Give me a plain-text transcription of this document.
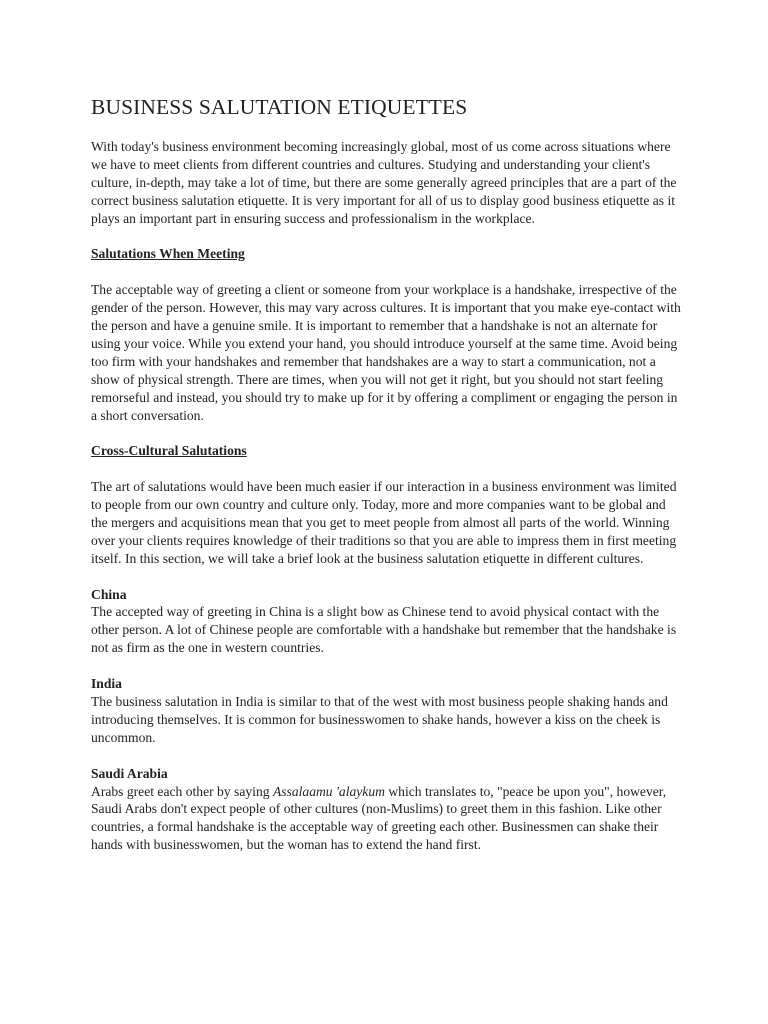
BUSINESS SALUTATION ETIQUETTES

With today's business environment becoming increasingly global, most of us come across situations where we have to meet clients from different countries and cultures. Studying and understanding your client's culture, in-depth, may take a lot of time, but there are some generally agreed principles that are a part of the correct business salutation etiquette. It is very important for all of us to display good business etiquette as it plays an important part in ensuring success and professionalism in the workplace.

Salutations When Meeting

The acceptable way of greeting a client or someone from your workplace is a handshake, irrespective of the gender of the person. However, this may vary across cultures. It is important that you make eye-contact with the person and have a genuine smile. It is important to remember that a handshake is not an alternate for using your voice. While you extend your hand, you should introduce yourself at the same time. Avoid being too firm with your handshakes and remember that handshakes are a way to start a communication, not a show of physical strength. There are times, when you will not get it right, but you should not start feeling remorseful and instead, you should try to make up for it by offering a compliment or engaging the person in a short conversation.

Cross-Cultural Salutations

The art of salutations would have been much easier if our interaction in a business environment was limited to people from our own country and culture only. Today, more and more companies want to be global and the mergers and acquisitions mean that you get to meet people from almost all parts of the world. Winning over your clients requires knowledge of their traditions so that you are able to impress them in first meeting itself. In this section, we will take a brief look at the business salutation etiquette in different cultures.

China

The accepted way of greeting in China is a slight bow as Chinese tend to avoid physical contact with the other person. A lot of Chinese people are comfortable with a handshake but remember that the handshake is not as firm as the one in western countries.

India

The business salutation in India is similar to that of the west with most business people shaking hands and introducing themselves. It is common for businesswomen to shake hands, however a kiss on the cheek is uncommon.

Saudi Arabia

Arabs greet each other by saying Assalaamu 'alaykum which translates to, "peace be upon you", however, Saudi Arabs don't expect people of other cultures (non-Muslims) to greet them in this fashion. Like other countries, a formal handshake is the acceptable way of greeting each other. Businessmen can shake their hands with businesswomen, but the woman has to extend the hand first.
